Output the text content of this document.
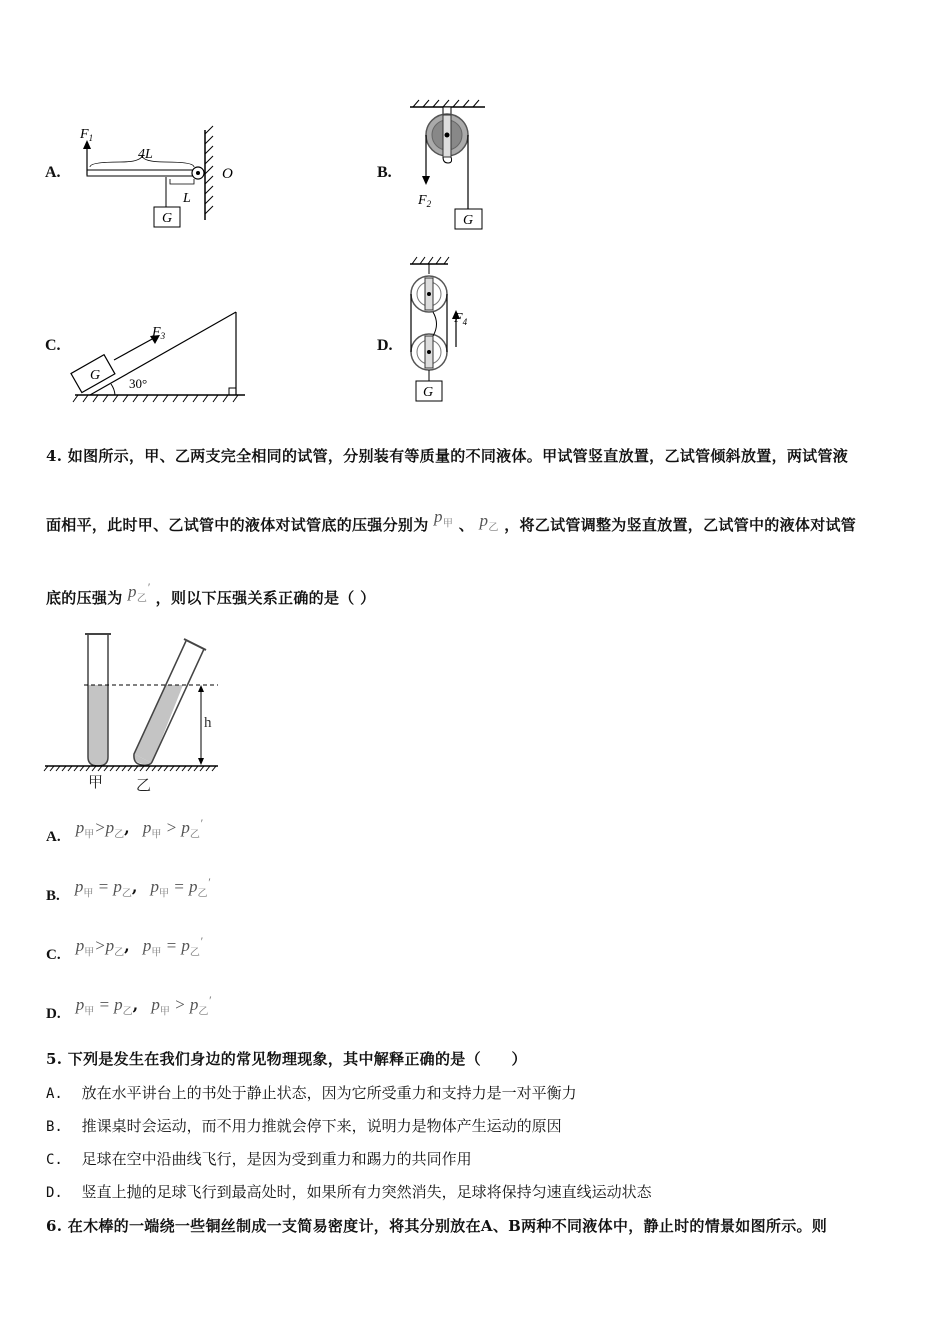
A.
$F_1$
4L
L
O
G
B.
$F_2$
G
C.
G
$F_3$
30°
D.
$F_4$
G
4. 如图所示，甲、乙两支完全相同的试管，分别装有等质量的不同液体。甲试管竖直放置，乙试管倾斜放置，两试管液
面相平，此时甲、乙试管中的液体对试管底的压强分别为 $p_甲$ 、 $p_乙$ ，将乙试管调整为竖直放置，乙试管中的液体对试管
底的压强为 $p_乙'$ ，则以下压强关系正确的是（ ）
h
甲 乙
A. $p_甲>p_乙$, $p_甲 > p_乙'$
B. $p_甲 = p_乙$, $p_甲 = p_乙'$
C. $p_甲>p_乙$, $p_甲 = p_乙'$
D. $p_甲 = p_乙$, $p_甲 > p_乙'$
5. 下列是发生在我们身边的常见物理现象，其中解释正确的是（　　）
A. 放在水平讲台上的书处于静止状态，因为它所受重力和支持力是一对平衡力
B. 推课桌时会运动，而不用力推就会停下来，说明力是物体产生运动的原因
C. 足球在空中沿曲线飞行，是因为受到重力和踢力的共同作用
D. 竖直上抛的足球飞行到最高处时，如果所有力突然消失，足球将保持匀速直线运动状态
6. 在木棒的一端绕一些铜丝制成一支简易密度计，将其分别放在A、B两种不同液体中，静止时的情景如图所示。则
